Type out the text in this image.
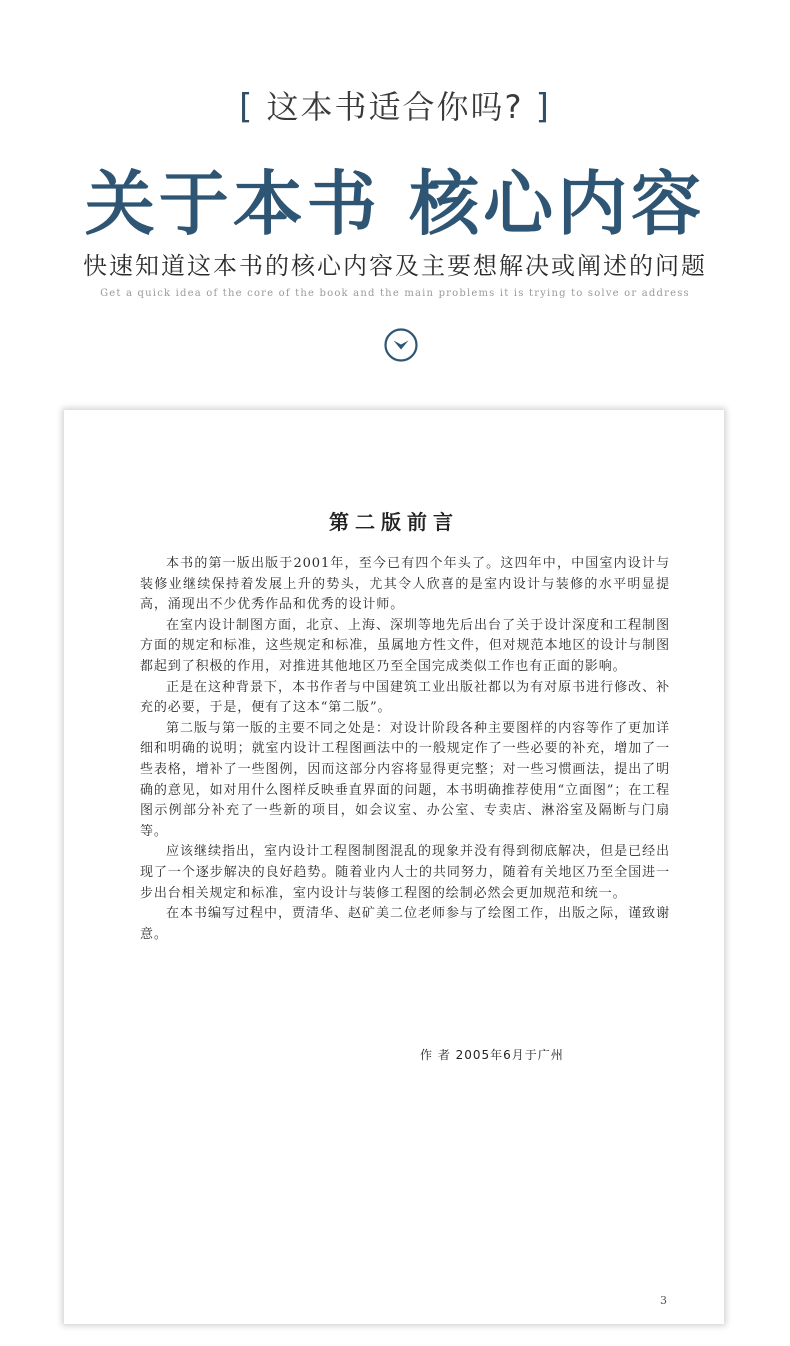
[ 这本书适合你吗? ]
关于本书 核心内容
快速知道这本书的核心内容及主要想解决或阐述的问题
Get a quick idea of the core of the book and the main problems it is trying to solve or address
第二版前言

本书的第一版出版于2001年，至今已有四个年头了。这四年中，中国室内设计与装修业继续保持着发展上升的势头，尤其令人欣喜的是室内设计与装修的水平明显提高，涌现出不少优秀作品和优秀的设计师。

在室内设计制图方面，北京、上海、深圳等地先后出台了关于设计深度和工程制图方面的规定和标准，这些规定和标准，虽属地方性文件，但对规范本地区的设计与制图都起到了积极的作用，对推进其他地区乃至全国完成类似工作也有正面的影响。

正是在这种背景下，本书作者与中国建筑工业出版社都以为有对原书进行修改、补充的必要，于是，便有了这本“第二版”。

第二版与第一版的主要不同之处是：对设计阶段各种主要图样的内容等作了更加详细和明确的说明；就室内设计工程图画法中的一般规定作了一些必要的补充，增加了一些表格，增补了一些图例，因而这部分内容将显得更完整；对一些习惯画法，提出了明确的意见，如对用什么图样反映垂直界面的问题，本书明确推荐使用“立面图”；在工程图示例部分补充了一些新的项目，如会议室、办公室、专卖店、淋浴室及隔断与门扇等。

应该继续指出，室内设计工程图制图混乱的现象并没有得到彻底解决，但是已经出现了一个逐步解决的良好趋势。随着业内人士的共同努力，随着有关地区乃至全国进一步出台相关规定和标准，室内设计与装修工程图的绘制必然会更加规范和统一。

在本书编写过程中，贾清华、赵矿美二位老师参与了绘图工作，出版之际，谨致谢意。

作 者 2005年6月于广州
3
